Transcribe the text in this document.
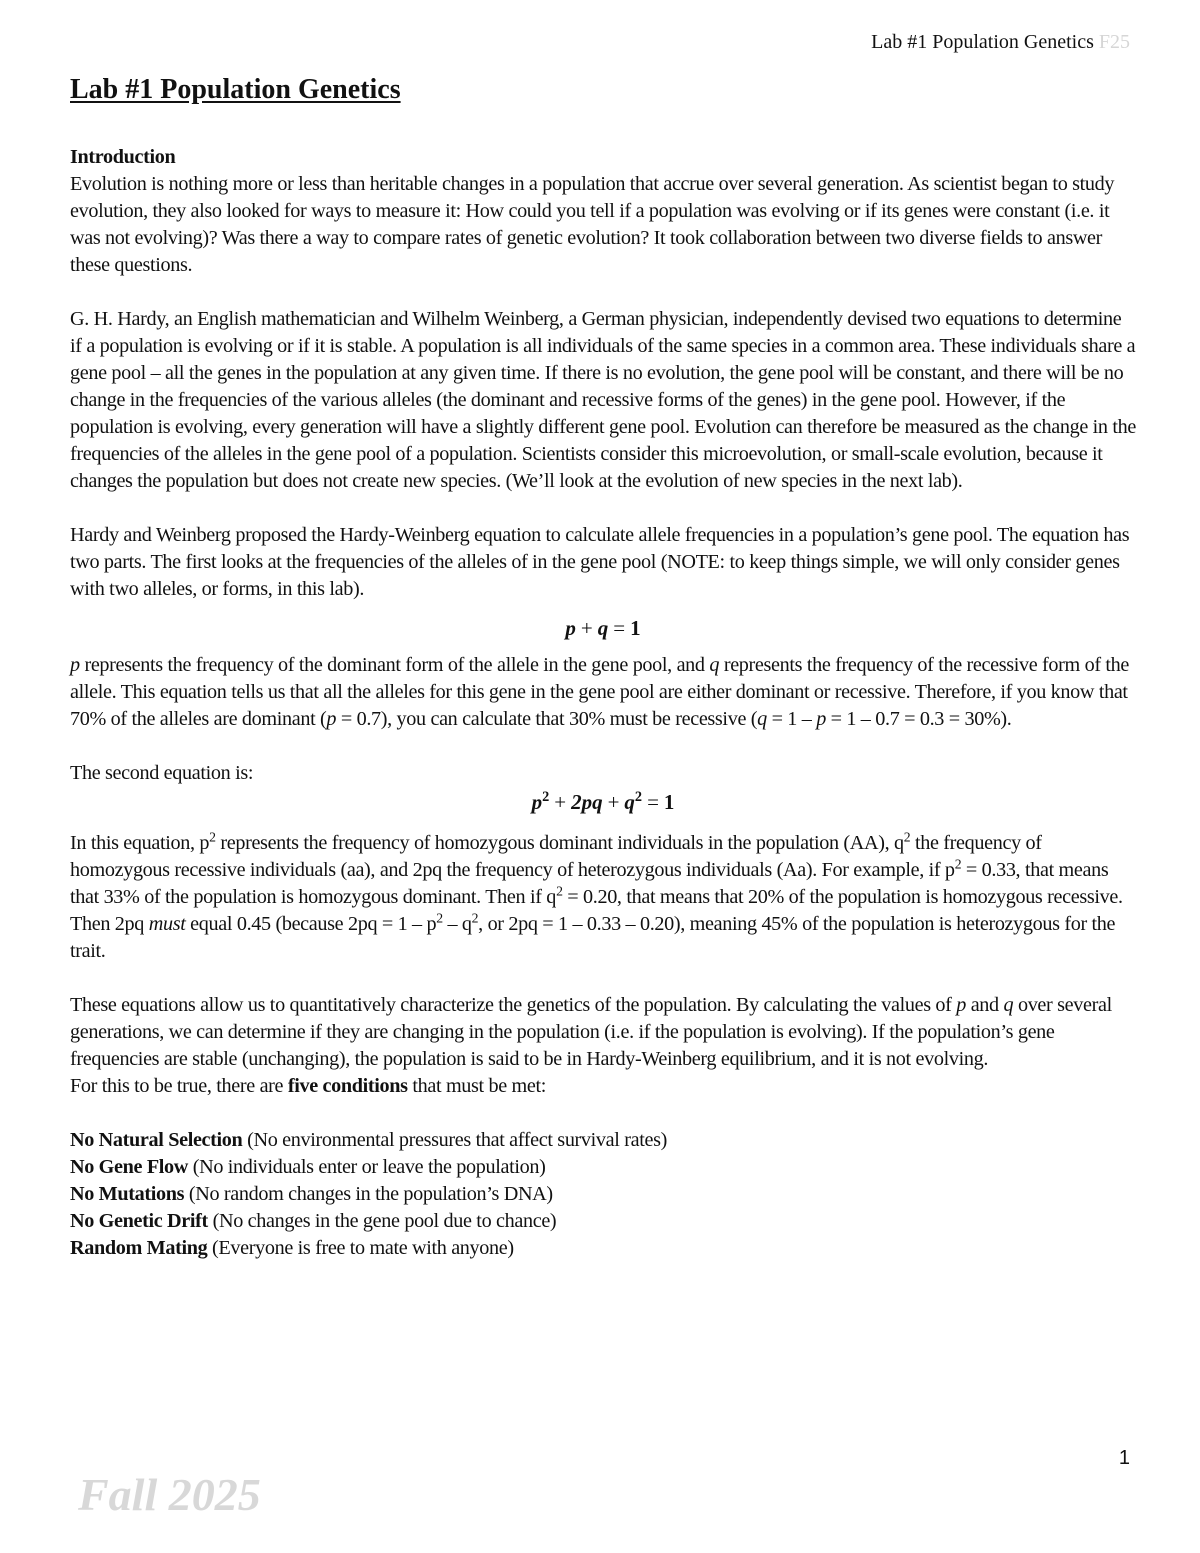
Lab #1 Population Genetics F25
Lab #1 Population Genetics

Introduction

Evolution is nothing more or less than heritable changes in a population that accrue over several generation. As scientist began to study evolution, they also looked for ways to measure it: How could you tell if a population was evolving or if its genes were constant (i.e. it was not evolving)? Was there a way to compare rates of genetic evolution? It took collaboration between two diverse fields to answer these questions.

G. H. Hardy, an English mathematician and Wilhelm Weinberg, a German physician, independently devised two equations to determine if a population is evolving or if it is stable. A population is all individuals of the same species in a common area. These individuals share a gene pool – all the genes in the population at any given time. If there is no evolution, the gene pool will be constant, and there will be no change in the frequencies of the various alleles (the dominant and recessive forms of the genes) in the gene pool. However, if the population is evolving, every generation will have a slightly different gene pool. Evolution can therefore be measured as the change in the frequencies of the alleles in the gene pool of a population. Scientists consider this microevolution, or small-scale evolution, because it changes the population but does not create new species. (We’ll look at the evolution of new species in the next lab).

Hardy and Weinberg proposed the Hardy-Weinberg equation to calculate allele frequencies in a population’s gene pool. The equation has two parts. The first looks at the frequencies of the alleles of in the gene pool (NOTE: to keep things simple, we will only consider genes with two alleles, or forms, in this lab).

p + q = 1

p represents the frequency of the dominant form of the allele in the gene pool, and q represents the frequency of the recessive form of the allele. This equation tells us that all the alleles for this gene in the gene pool are either dominant or recessive. Therefore, if you know that 70% of the alleles are dominant (p = 0.7), you can calculate that 30% must be recessive (q = 1 – p = 1 – 0.7 = 0.3 = 30%).

The second equation is:

$p^2 + 2pq + q^2 = 1$

In this equation, $p^2$ represents the frequency of homozygous dominant individuals in the population (AA), $q^2$ the frequency of homozygous recessive individuals (aa), and 2pq the frequency of heterozygous individuals (Aa). For example, if $p^2 = 0.33$, that means that 33% of the population is homozygous dominant. Then if $q^2 = 0.20$, that means that 20% of the population is homozygous recessive. Then 2pq must equal 0.45 (because $2pq = 1 - p^2 - q^2$, or 2pq = 1 – 0.33 – 0.20), meaning 45% of the population is heterozygous for the trait.

These equations allow us to quantitatively characterize the genetics of the population. By calculating the values of p and q over several generations, we can determine if they are changing in the population (i.e. if the population is evolving). If the population’s gene frequencies are stable (unchanging), the population is said to be in Hardy-Weinberg equilibrium, and it is not evolving.

For this to be true, there are five conditions that must be met:

No Natural Selection (No environmental pressures that affect survival rates)

No Gene Flow (No individuals enter or leave the population)

No Mutations (No random changes in the population’s DNA)

No Genetic Drift (No changes in the gene pool due to chance)

Random Mating (Everyone is free to mate with anyone)

1
Fall 2025
